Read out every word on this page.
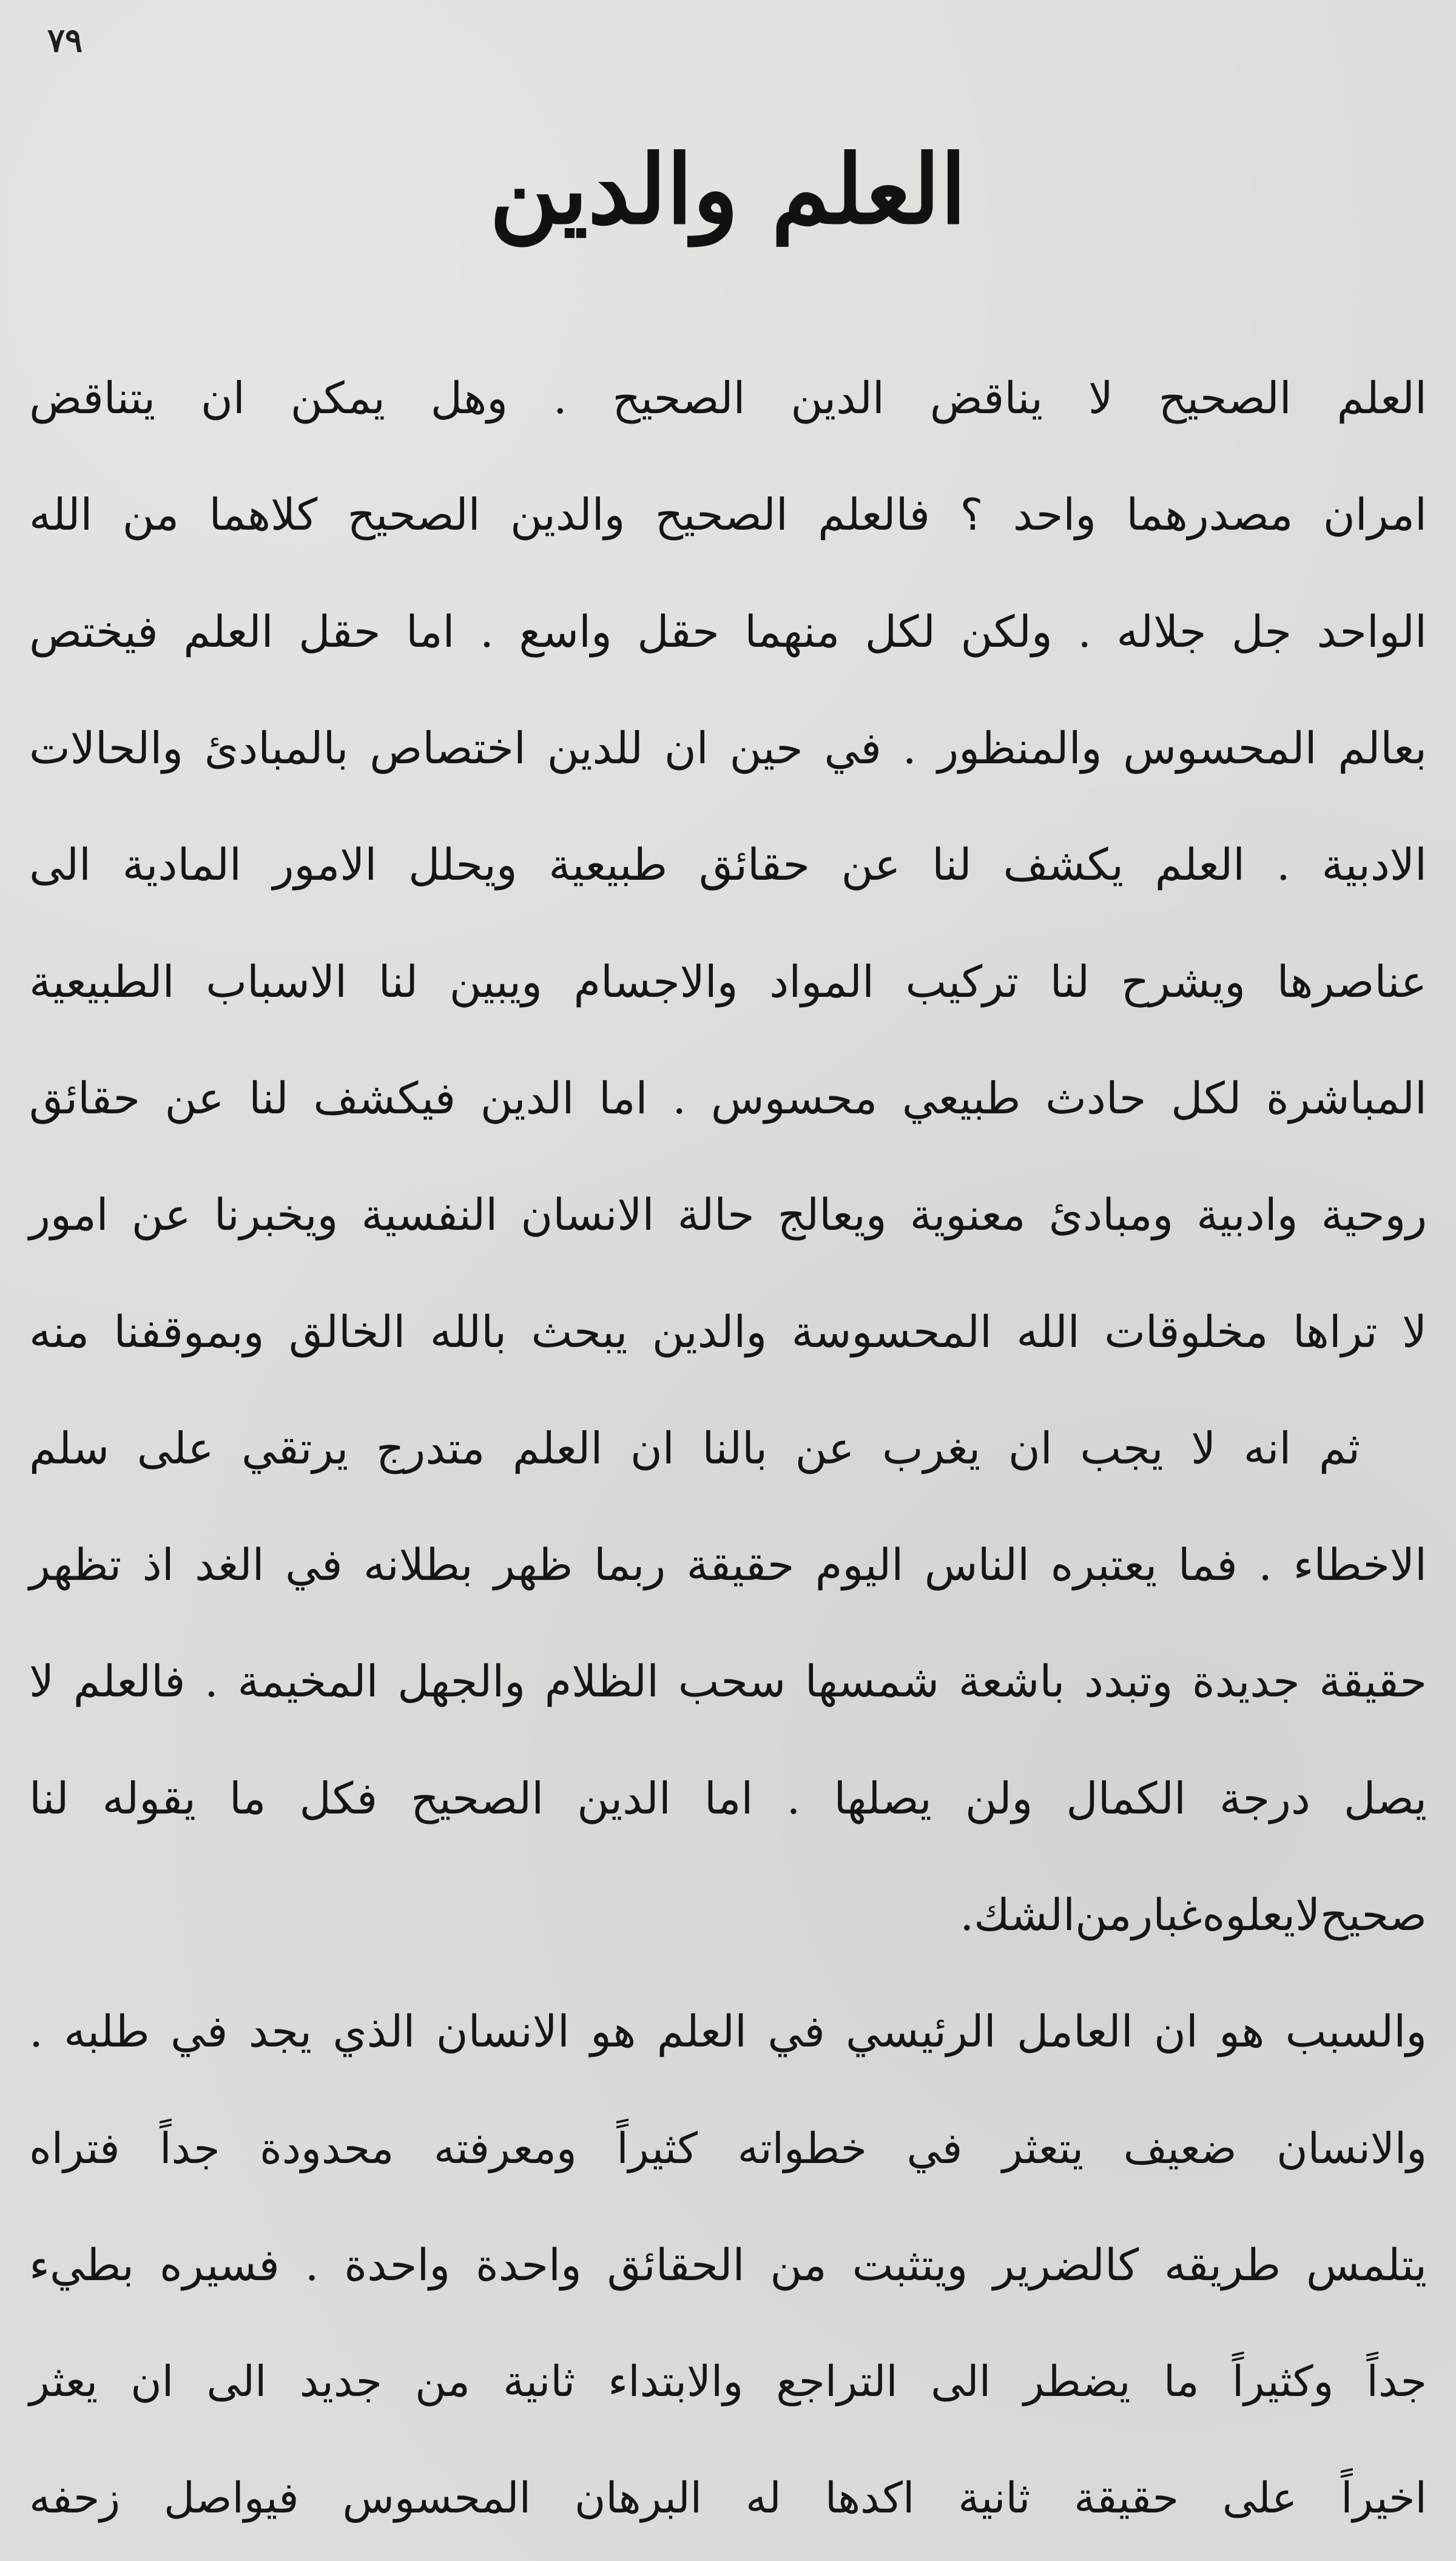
٧٩
العلم والدين
العلم
الصحيح
لا
يناقض
الدين
الصحيح
.
وهل
يمكن
ان
يتناقض
امران
مصدرهما
واحد
؟
فالعلم
الصحيح
والدين
الصحيح
كلاهما
من
الله
الواحد
جل
جلاله
.
ولكن
لكل
منهما
حقل
واسع
.
اما
حقل
العلم
فيختص
بعالم
المحسوس
والمنظور
.
في
حين
ان
للدين
اختصاص
بالمبادئ
والحالات
الادبية
.
العلم
يكشف
لنا
عن
حقائق
طبيعية
ويحلل
الامور
المادية
الى
عناصرها
ويشرح
لنا
تركيب
المواد
والاجسام
ويبين
لنا
الاسباب
الطبيعية
المباشرة
لكل
حادث
طبيعي
محسوس
.
اما
الدين
فيكشف
لنا
عن
حقائق
روحية
وادبية
ومبادئ
معنوية
ويعالج
حالة
الانسان
النفسية
ويخبرنا
عن
امور
لا
تراها
مخلوقات
الله
المحسوسة
والدين
يبحث
بالله
الخالق
وبموقفنا
منه
ثم
انه
لا
يجب
ان
يغرب
عن
بالنا
ان
العلم
متدرج
يرتقي
على
سلم
الاخطاء
.
فما
يعتبره
الناس
اليوم
حقيقة
ربما
ظهر
بطلانه
في
الغد
اذ
تظهر
حقيقة
جديدة
وتبدد
باشعة
شمسها
سحب
الظلام
والجهل
المخيمة
.
فالعلم
لا
يصل
درجة
الكمال
ولن
يصلها
.
اما
الدين
الصحيح
فكل
ما
يقوله
لنا
صحيح
لا
يعلوه
غبار
من
الشك
.
والسبب
هو
ان
العامل
الرئيسي
في
العلم
هو
الانسان
الذي
يجد
في
طلبه
.
والانسان
ضعيف
يتعثر
في
خطواته
كثيراً
ومعرفته
محدودة
جداً
فتراه
يتلمس
طريقه
كالضرير
ويتثبت
من
الحقائق
واحدة
واحدة
.
فسيره
بطيء
جداً
وكثيراً
ما
يضطر
الى
التراجع
والابتداء
ثانية
من
جديد
الى
ان
يعثر
اخيراً
على
حقيقة
ثانية
اكدها
له
البرهان
المحسوس
فيواصل
زحفه
